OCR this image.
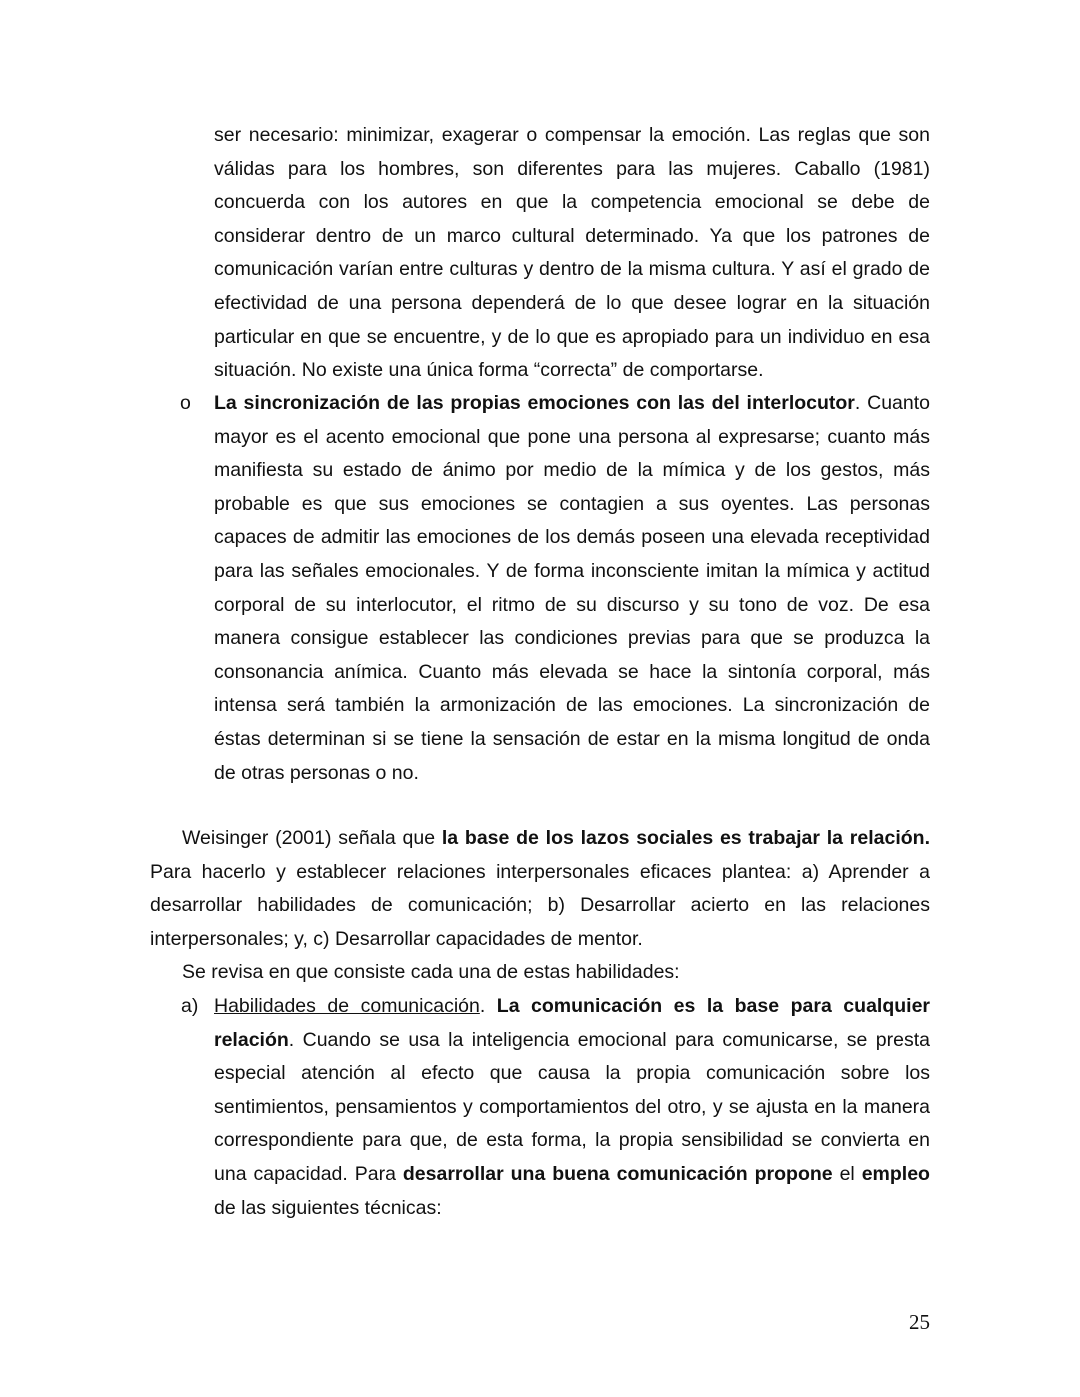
ser necesario: minimizar, exagerar o compensar la emoción. Las reglas que son válidas para los hombres, son diferentes para las mujeres. Caballo (1981) concuerda con los autores en que la competencia emocional se debe de considerar dentro de un marco cultural determinado. Ya que los patrones de comunicación varían entre culturas y dentro de la misma cultura. Y así el grado de efectividad de una persona dependerá de lo que desee lograr en la situación particular en que se encuentre, y de lo que es apropiado para un individuo en esa situación. No existe una única forma “correcta” de comportarse.

o La sincronización de las propias emociones con las del interlocutor. Cuanto mayor es el acento emocional que pone una persona al expresarse; cuanto más manifiesta su estado de ánimo por medio de la mímica y de los gestos, más probable es que sus emociones se contagien a sus oyentes. Las personas capaces de admitir las emociones de los demás poseen una elevada receptividad para las señales emocionales. Y de forma inconsciente imitan la mímica y actitud corporal de su interlocutor, el ritmo de su discurso y su tono de voz. De esa manera consigue establecer las condiciones previas para que se produzca la consonancia anímica. Cuanto más elevada se hace la sintonía corporal, más intensa será también la armonización de las emociones. La sincronización de éstas determinan si se tiene la sensación de estar en la misma longitud de onda de otras personas o no.

Weisinger (2001) señala que la base de los lazos sociales es trabajar la relación. Para hacerlo y establecer relaciones interpersonales eficaces plantea: a) Aprender a desarrollar habilidades de comunicación; b) Desarrollar acierto en las relaciones interpersonales; y, c) Desarrollar capacidades de mentor.

Se revisa en que consiste cada una de estas habilidades:

a) Habilidades de comunicación. La comunicación es la base para cualquier relación. Cuando se usa la inteligencia emocional para comunicarse, se presta especial atención al efecto que causa la propia comunicación sobre los sentimientos, pensamientos y comportamientos del otro, y se ajusta en la manera correspondiente para que, de esta forma, la propia sensibilidad se convierta en una capacidad. Para desarrollar una buena comunicación propone el empleo de las siguientes técnicas:

25
